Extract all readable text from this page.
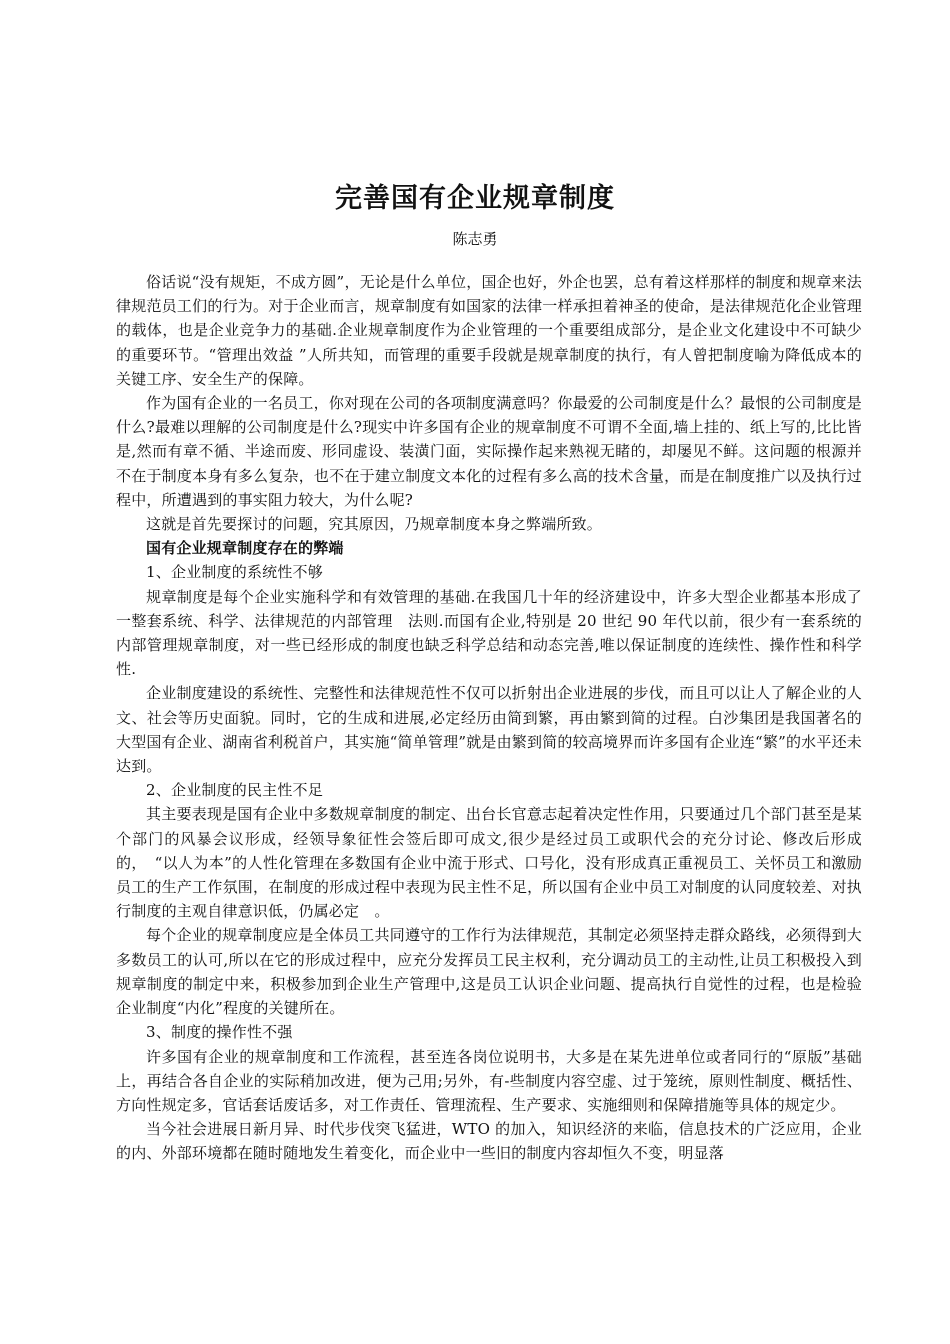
完善国有企业规章制度
陈志勇

俗话说“没有规矩，不成方圆”，无论是什么单位，国企也好，外企也罢，总有着这样那样的制度和规章来法律规范员工们的行为。对于企业而言，规章制度有如国家的法律一样承担着神圣的使命，是法律规范化企业管理的载体，也是企业竞争力的基础.企业规章制度作为企业管理的一个重要组成部分，是企业文化建设中不可缺少的重要环节。“管理出效益 ”人所共知，而管理的重要手段就是规章制度的执行，有人曾把制度喻为降低成本的关键工序、安全生产的保障。

作为国有企业的一名员工，你对现在公司的各项制度满意吗？你最爱的公司制度是什么？最恨的公司制度是什么?最难以理解的公司制度是什么?现实中许多国有企业的规章制度不可谓不全面,墙上挂的、纸上写的,比比皆是,然而有章不循、半途而废、形同虚设、装潢门面，实际操作起来熟视无睹的，却屡见不鲜。这问题的根源并不在于制度本身有多么复杂，也不在于建立制度文本化的过程有多么高的技术含量，而是在制度推广以及执行过程中，所遭遇到的事实阻力较大，为什么呢?

这就是首先要探讨的问题，究其原因，乃规章制度本身之弊端所致。

国有企业规章制度存在的弊端

1、企业制度的系统性不够

规章制度是每个企业实施科学和有效管理的基础.在我国几十年的经济建设中，许多大型企业都基本形成了一整套系统、科学、法律规范的内部管理　法则.而国有企业,特别是 20 世纪 90 年代以前，很少有一套系统的内部管理规章制度，对一些已经形成的制度也缺乏科学总结和动态完善,唯以保证制度的连续性、操作性和科学性.

企业制度建设的系统性、完整性和法律规范性不仅可以折射出企业进展的步伐，而且可以让人了解企业的人文、社会等历史面貌。同时，它的生成和进展,必定经历由简到繁，再由繁到简的过程。白沙集团是我国著名的大型国有企业、湖南省利税首户，其实施“简单管理”就是由繁到简的较高境界而许多国有企业连“繁”的水平还未达到。

2、企业制度的民主性不足

其主要表现是国有企业中多数规章制度的制定、出台长官意志起着决定性作用，只要通过几个部门甚至是某个部门的风暴会议形成，经领导象征性会签后即可成文,很少是经过员工或职代会的充分讨论、修改后形成的，　“以人为本”的人性化管理在多数国有企业中流于形式、口号化，没有形成真正重视员工、关怀员工和激励员工的生产工作氛围，在制度的形成过程中表现为民主性不足，所以国有企业中员工对制度的认同度较差、对执行制度的主观自律意识低，仍属必定　。

每个企业的规章制度应是全体员工共同遵守的工作行为法律规范，其制定必须坚持走群众路线，必须得到大多数员工的认可,所以在它的形成过程中，应充分发挥员工民主权利，充分调动员工的主动性,让员工积极投入到规章制度的制定中来，积极参加到企业生产管理中,这是员工认识企业问题、提高执行自觉性的过程，也是检验企业制度“内化”程度的关键所在。

3、制度的操作性不强

许多国有企业的规章制度和工作流程，甚至连各岗位说明书，大多是在某先进单位或者同行的“原版”基础上，再结合各自企业的实际稍加改进，便为己用;另外，有-些制度内容空虚、过于笼统，原则性制度、概括性、方向性规定多，官话套话废话多，对工作责任、管理流程、生产要求、实施细则和保障措施等具体的规定少。

当今社会进展日新月异、时代步伐突飞猛进，WTO 的加入，知识经济的来临，信息技术的广泛应用，企业的内、外部环境都在随时随地发生着变化，而企业中一些旧的制度内容却恒久不变，明显落
